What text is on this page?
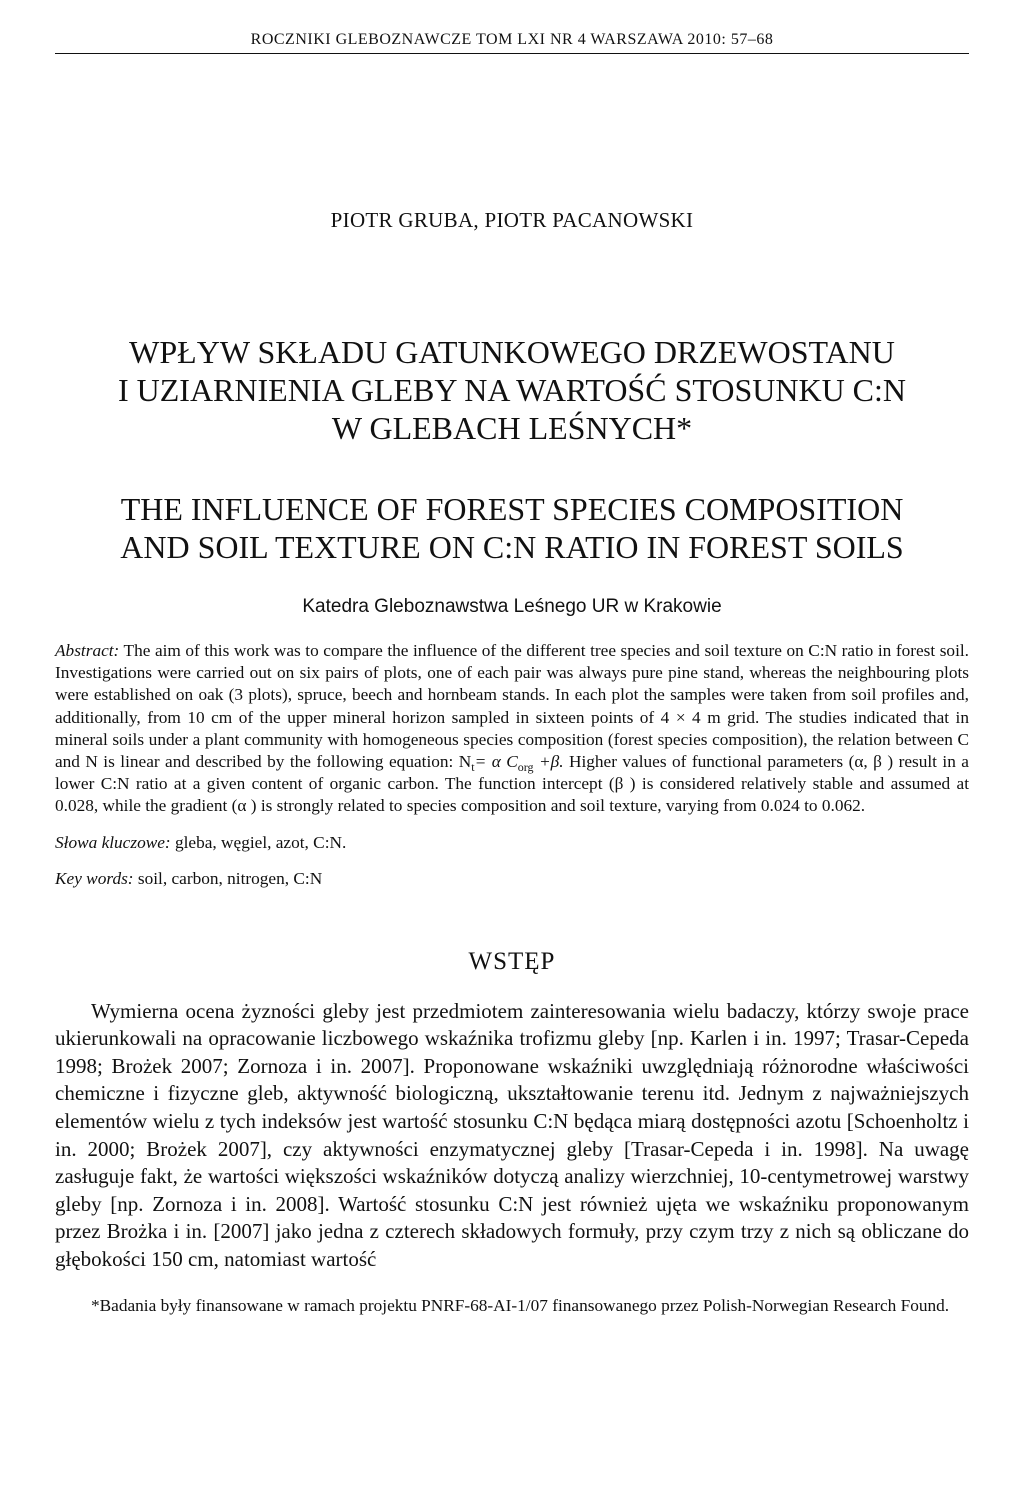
ROCZNIKI GLEBOZNAWCZE TOM LXI NR 4 WARSZAWA 2010: 57–68
PIOTR GRUBA, PIOTR PACANOWSKI
WPŁYW SKŁADU GATUNKOWEGO DRZEWOSTANU
I UZIARNIENIA GLEBY NA WARTOŚĆ STOSUNKU C:N
W GLEBACH LEŚNYCH*
THE INFLUENCE OF FOREST SPECIES COMPOSITION
AND SOIL TEXTURE ON C:N RATIO IN FOREST SOILS
Katedra Gleboznawstwa Leśnego UR w Krakowie
Abstract: The aim of this work was to compare the influence of the different tree species and soil texture on C:N ratio in forest soil. Investigations were carried out on six pairs of plots, one of each pair was always pure pine stand, whereas the neighbouring plots were established on oak (3 plots), spruce, beech and hornbeam stands. In each plot the samples were taken from soil profiles and, additionally, from 10 cm of the upper mineral horizon sampled in sixteen points of 4 × 4 m grid. The studies indicated that in mineral soils under a plant community with homogeneous species composition (forest species composition), the relation between C and N is linear and described by the following equation: $N_t= \alpha$ $C_{org} +\beta$. Higher values of functional parameters (α, β ) result in a lower C:N ratio at a given content of organic carbon. The function intercept (β ) is considered relatively stable and assumed at 0.028, while the gradient (α ) is strongly related to species composition and soil texture, varying from 0.024 to 0.062.
Słowa kluczowe: gleba, węgiel, azot, C:N.
Key words: soil, carbon, nitrogen, C:N
WSTĘP
Wymierna ocena żyzności gleby jest przedmiotem zainteresowania wielu badaczy, którzy swoje prace ukierunkowali na opracowanie liczbowego wskaźnika trofizmu gleby [np. Karlen i in. 1997; Trasar-Cepeda 1998; Brożek 2007; Zornoza i in. 2007]. Proponowane wskaźniki uwzględniają różnorodne właściwości chemiczne i fizyczne gleb, aktywność biologiczną, ukształtowanie terenu itd. Jednym z najważniejszych elementów wielu z tych indeksów jest wartość stosunku C:N będąca miarą dostępności azotu [Schoenholtz i in. 2000; Brożek 2007], czy aktywności enzymatycznej gleby [Trasar-Cepeda i in. 1998]. Na uwagę zasługuje fakt, że wartości większości wskaźników dotyczą analizy wierzchniej, 10-centymetrowej warstwy gleby [np. Zornoza i in. 2008]. Wartość stosunku C:N jest również ujęta we wskaźniku proponowanym przez Brożka i in. [2007] jako jedna z czterech składowych formuły, przy czym trzy z nich są obliczane do głębokości 150 cm, natomiast wartość
*Badania były finansowane w ramach projektu PNRF-68-AI-1/07 finansowanego przez Polish-Norwegian Research Found.
